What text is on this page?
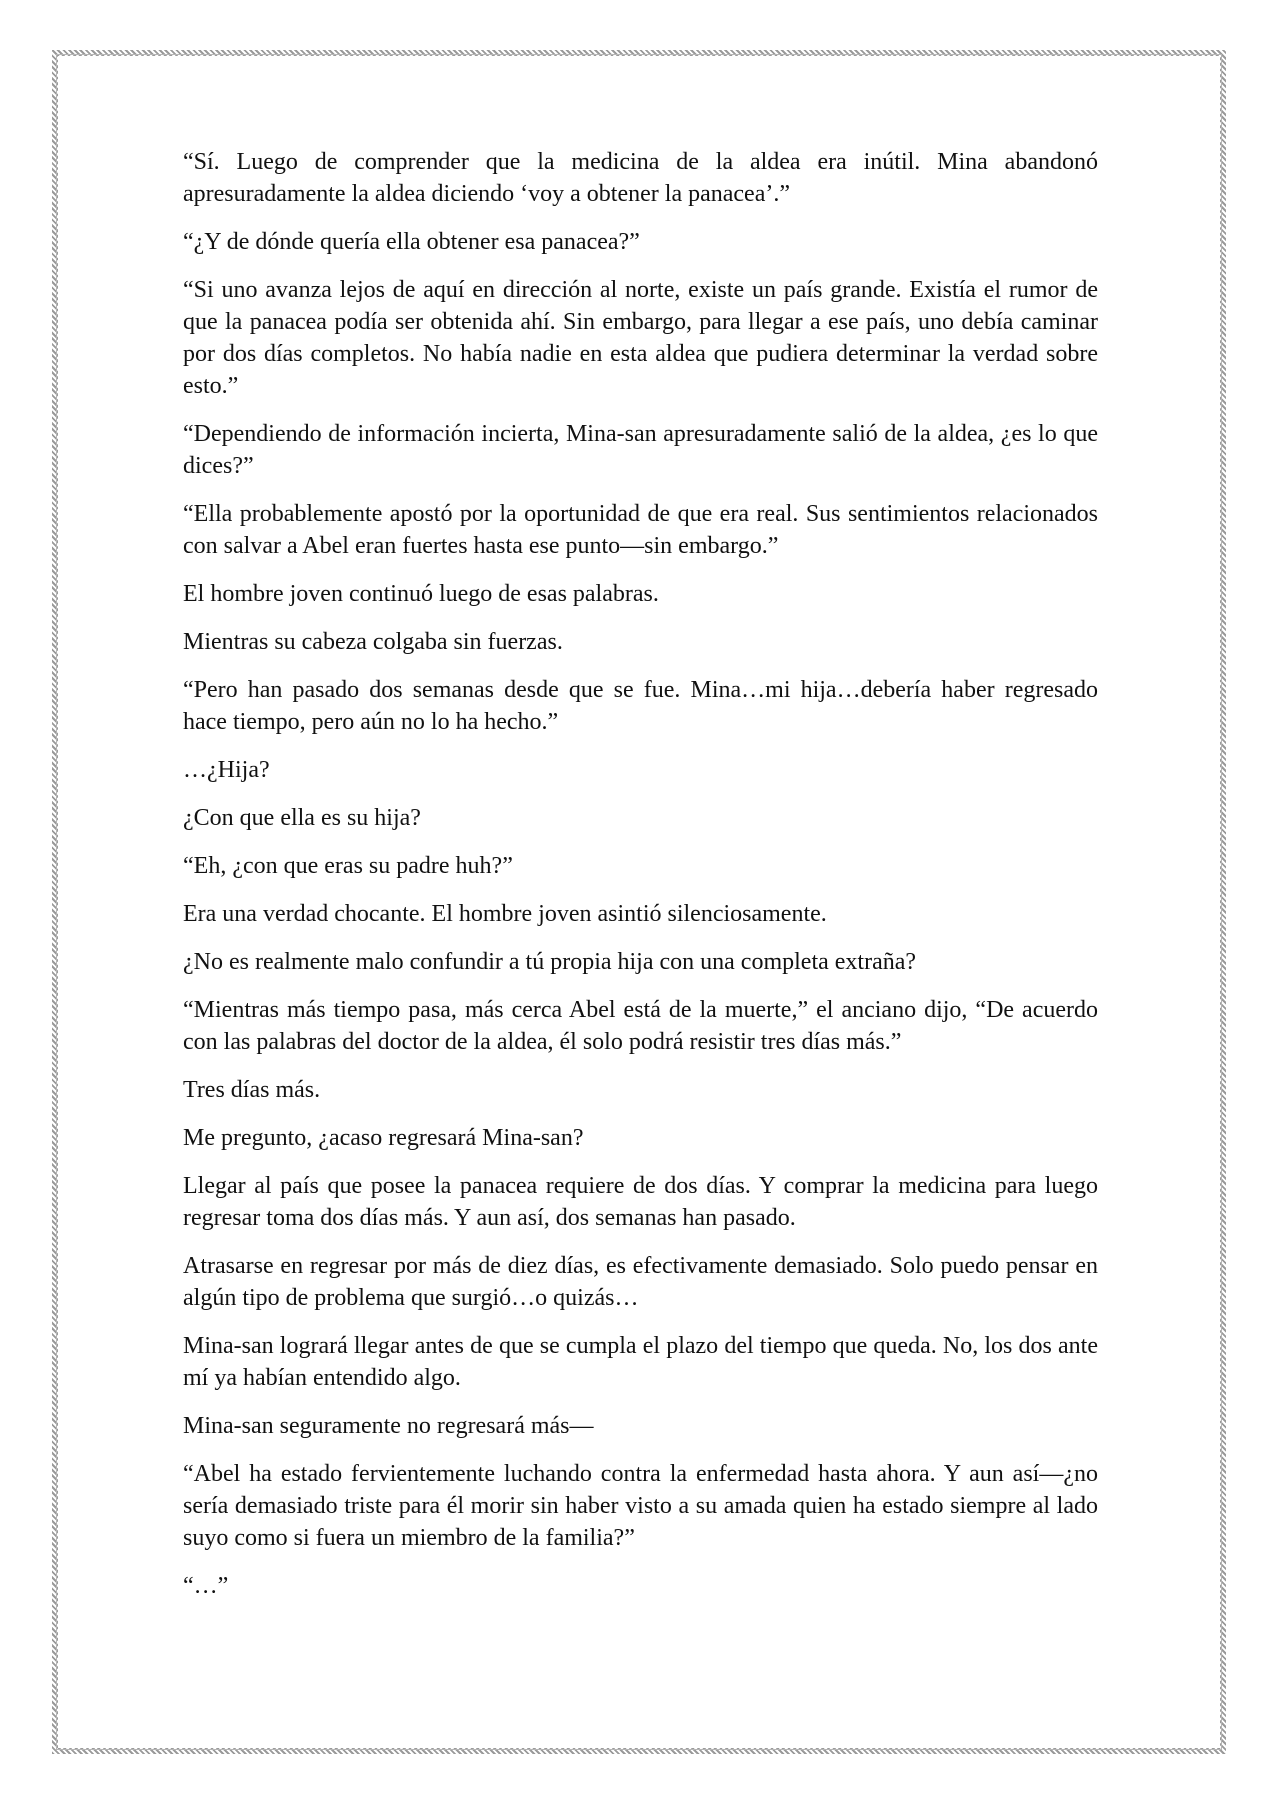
“Sí. Luego de comprender que la medicina de la aldea era inútil. Mina abandonó apresuradamente la aldea diciendo ‘voy a obtener la panacea’.”

“¿Y de dónde quería ella obtener esa panacea?”

“Si uno avanza lejos de aquí en dirección al norte, existe un país grande. Existía el rumor de que la panacea podía ser obtenida ahí. Sin embargo, para llegar a ese país, uno debía caminar por dos días completos. No había nadie en esta aldea que pudiera determinar la verdad sobre esto.”

“Dependiendo de información incierta, Mina-san apresuradamente salió de la aldea, ¿es lo que dices?”

“Ella probablemente apostó por la oportunidad de que era real. Sus sentimientos relacionados con salvar a Abel eran fuertes hasta ese punto—sin embargo.”

El hombre joven continuó luego de esas palabras.

Mientras su cabeza colgaba sin fuerzas.

“Pero han pasado dos semanas desde que se fue. Mina…mi hija…debería haber regresado hace tiempo, pero aún no lo ha hecho.”

…¿Hija?

¿Con que ella es su hija?

“Eh, ¿con que eras su padre huh?”

Era una verdad chocante. El hombre joven asintió silenciosamente.

¿No es realmente malo confundir a tú propia hija con una completa extraña?

“Mientras más tiempo pasa, más cerca Abel está de la muerte,” el anciano dijo, “De acuerdo con las palabras del doctor de la aldea, él solo podrá resistir tres días más.”

Tres días más.

Me pregunto, ¿acaso regresará Mina-san?

Llegar al país que posee la panacea requiere de dos días. Y comprar la medicina para luego regresar toma dos días más. Y aun así, dos semanas han pasado.

Atrasarse en regresar por más de diez días, es efectivamente demasiado. Solo puedo pensar en algún tipo de problema que surgió…o quizás…

Mina-san logrará llegar antes de que se cumpla el plazo del tiempo que queda. No, los dos ante mí ya habían entendido algo.

Mina-san seguramente no regresará más—

“Abel ha estado fervientemente luchando contra la enfermedad hasta ahora. Y aun así—¿no sería demasiado triste para él morir sin haber visto a su amada quien ha estado siempre al lado suyo como si fuera un miembro de la familia?”

“…”
